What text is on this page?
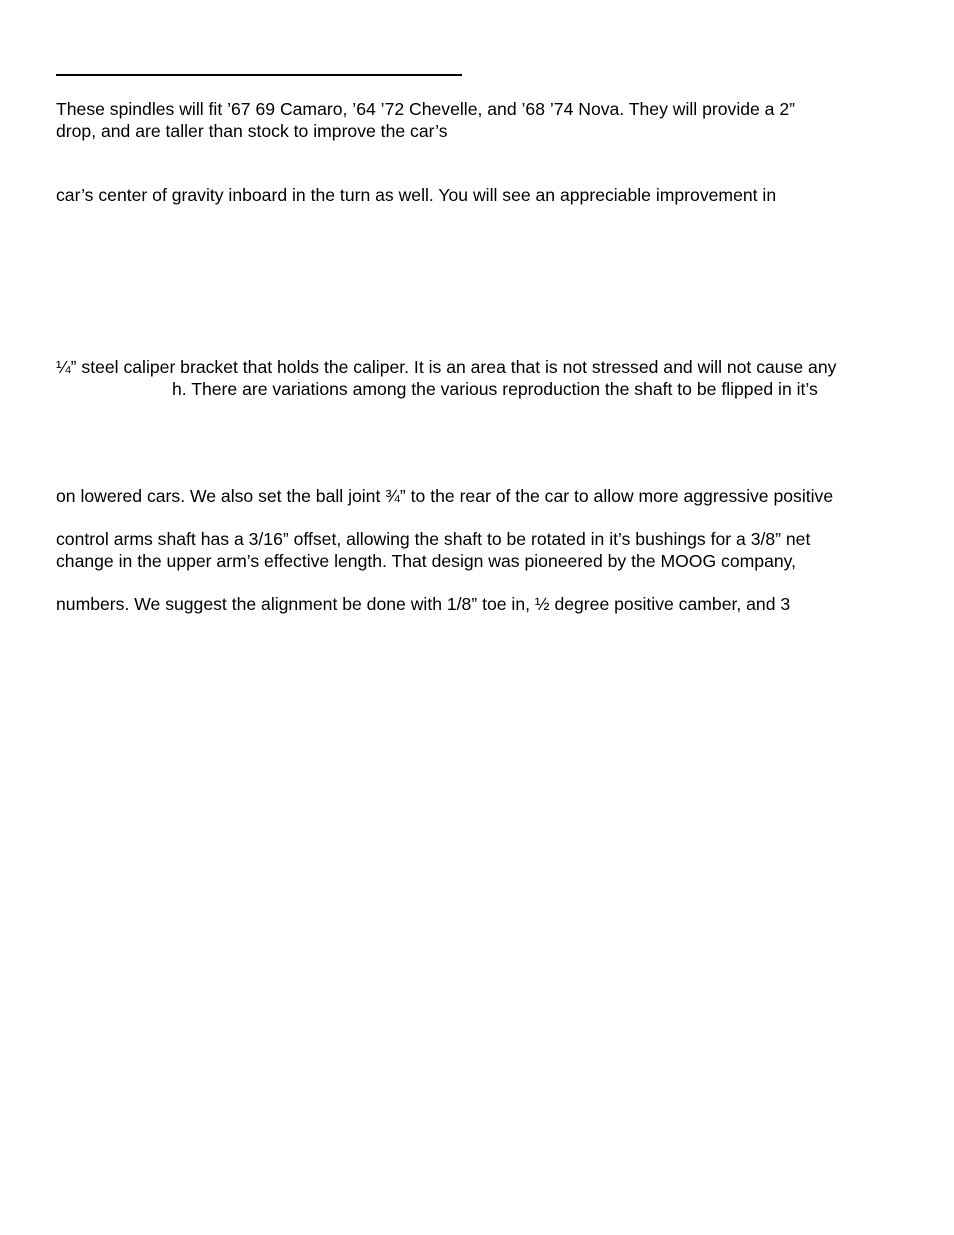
These spindles will fit ’67 69 Camaro, ’64 ’72 Chevelle, and ’68 ’74 Nova. They will provide a 2”
drop, and are taller than stock to improve the car’s
car’s center of gravity inboard in the turn as well. You will see an appreciable improvement in
¼” steel caliper bracket that holds the caliper. It is an area that is not stressed and will not cause any
h. There are variations among the various reproduction the shaft to be flipped in it’s
on lowered cars. We also set the ball joint ¾” to the rear of the car to allow more aggressive positive
control arms shaft has a 3/16” offset, allowing the shaft to be rotated in it’s bushings for a 3/8” net
change in the upper arm’s effective length. That design was pioneered by the MOOG company,
numbers. We suggest the alignment be done with 1/8” toe in, ½ degree positive camber, and 3
